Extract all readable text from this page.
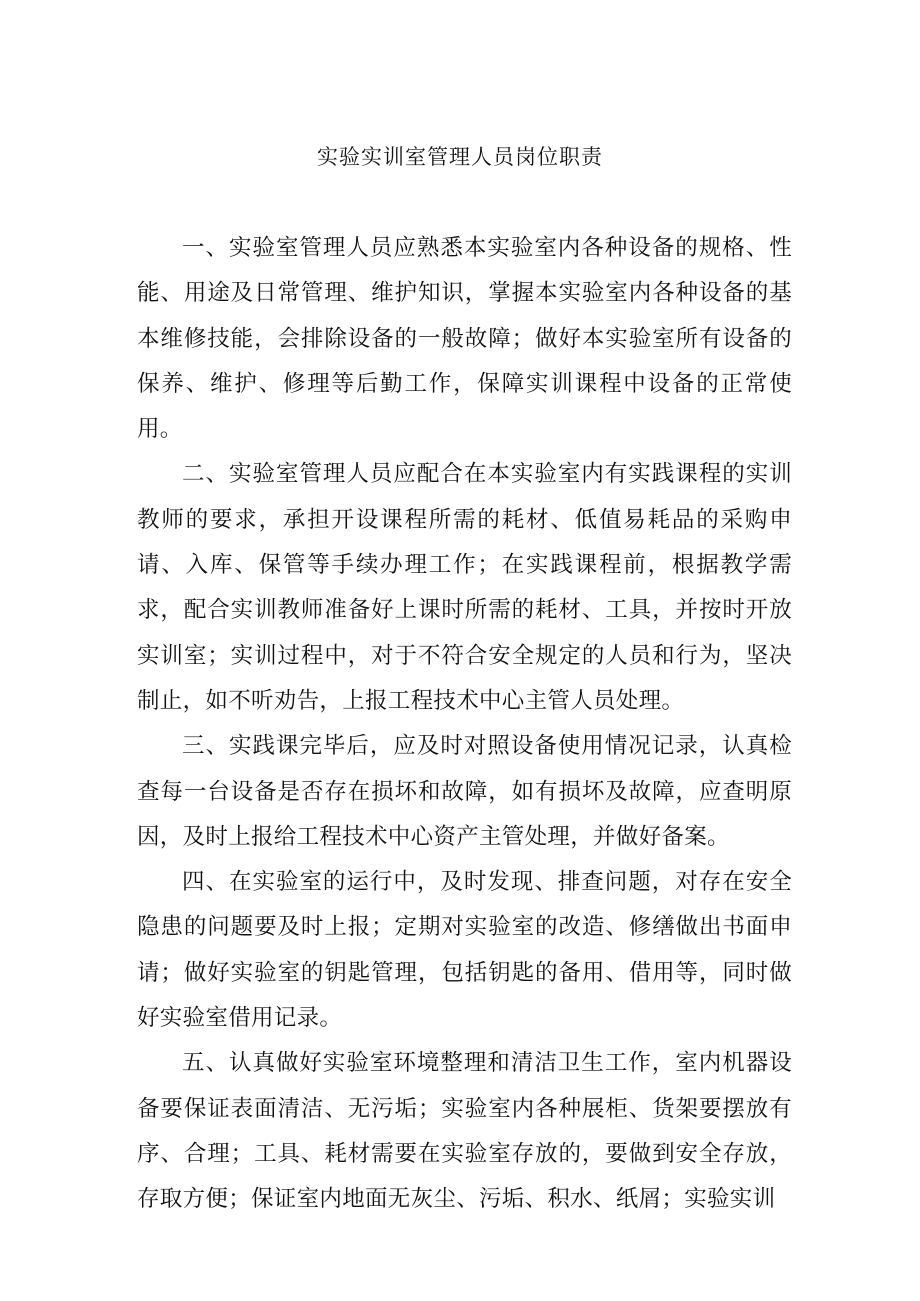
实验实训室管理人员岗位职责

一、实验室管理人员应熟悉本实验室内各种设备的规格、性能、用途及日常管理、维护知识，掌握本实验室内各种设备的基本维修技能，会排除设备的一般故障；做好本实验室所有设备的保养、维护、修理等后勤工作，保障实训课程中设备的正常使用。

二、实验室管理人员应配合在本实验室内有实践课程的实训教师的要求，承担开设课程所需的耗材、低值易耗品的采购申请、入库、保管等手续办理工作；在实践课程前，根据教学需求，配合实训教师准备好上课时所需的耗材、工具，并按时开放实训室；实训过程中，对于不符合安全规定的人员和行为，坚决制止，如不听劝告，上报工程技术中心主管人员处理。

三、实践课完毕后，应及时对照设备使用情况记录，认真检查每一台设备是否存在损坏和故障，如有损坏及故障，应查明原因，及时上报给工程技术中心资产主管处理，并做好备案。

四、在实验室的运行中，及时发现、排查问题，对存在安全隐患的问题要及时上报；定期对实验室的改造、修缮做出书面申请；做好实验室的钥匙管理，包括钥匙的备用、借用等，同时做好实验室借用记录。

五、认真做好实验室环境整理和清洁卫生工作，室内机器设备要保证表面清洁、无污垢；实验室内各种展柜、货架要摆放有序、合理；工具、耗材需要在实验室存放的，要做到安全存放，存取方便；保证室内地面无灰尘、污垢、积水、纸屑；实验实训
